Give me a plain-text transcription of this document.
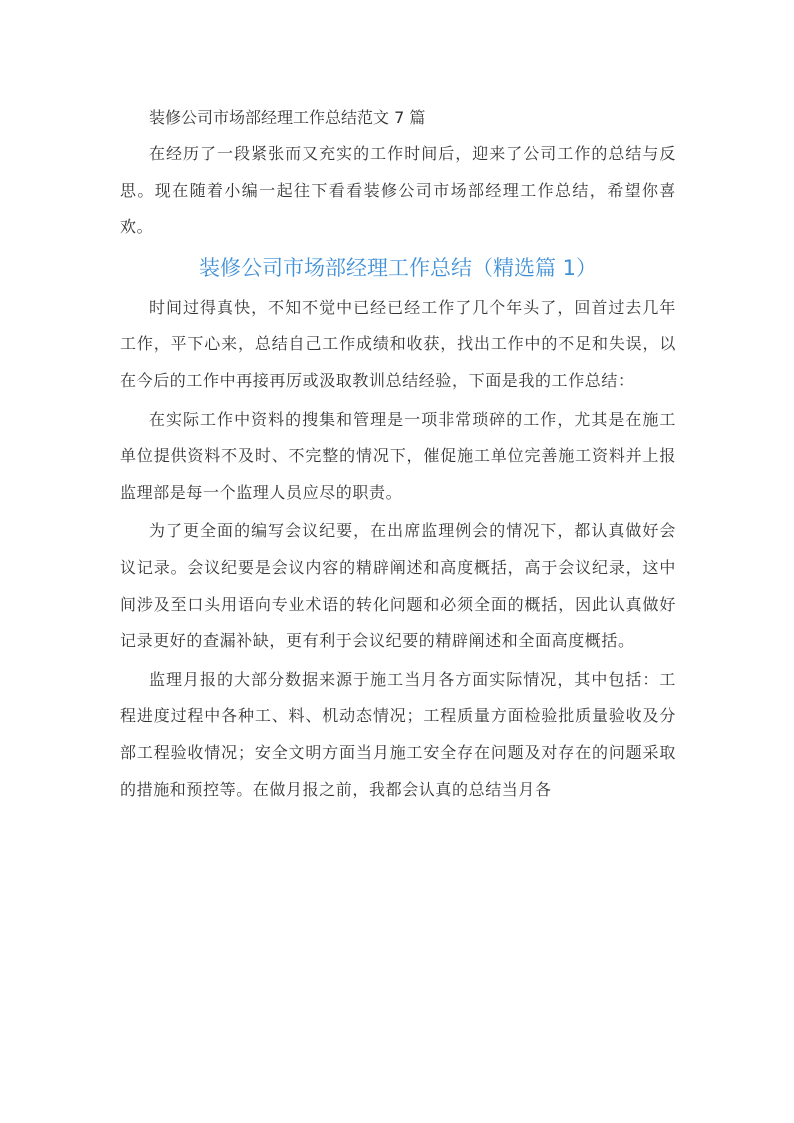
装修公司市场部经理工作总结范文 7 篇

在经历了一段紧张而又充实的工作时间后，迎来了公司工作的总结与反思。现在随着小编一起往下看看装修公司市场部经理工作总结，希望你喜欢。

装修公司市场部经理工作总结（精选篇 1）

时间过得真快，不知不觉中已经已经工作了几个年头了，回首过去几年工作，平下心来，总结自己工作成绩和收获，找出工作中的不足和失误，以在今后的工作中再接再厉或汲取教训总结经验，下面是我的工作总结：

在实际工作中资料的搜集和管理是一项非常琐碎的工作，尤其是在施工单位提供资料不及时、不完整的情况下，催促施工单位完善施工资料并上报监理部是每一个监理人员应尽的职责。

为了更全面的编写会议纪要，在出席监理例会的情况下，都认真做好会议记录。会议纪要是会议内容的精辟阐述和高度概括，高于会议纪录，这中间涉及至口头用语向专业术语的转化问题和必须全面的概括，因此认真做好记录更好的查漏补缺，更有利于会议纪要的精辟阐述和全面高度概括。

监理月报的大部分数据来源于施工当月各方面实际情况，其中包括：工程进度过程中各种工、料、机动态情况；工程质量方面检验批质量验收及分部工程验收情况；安全文明方面当月施工安全存在问题及对存在的问题采取的措施和预控等。在做月报之前，我都会认真的总结当月各
